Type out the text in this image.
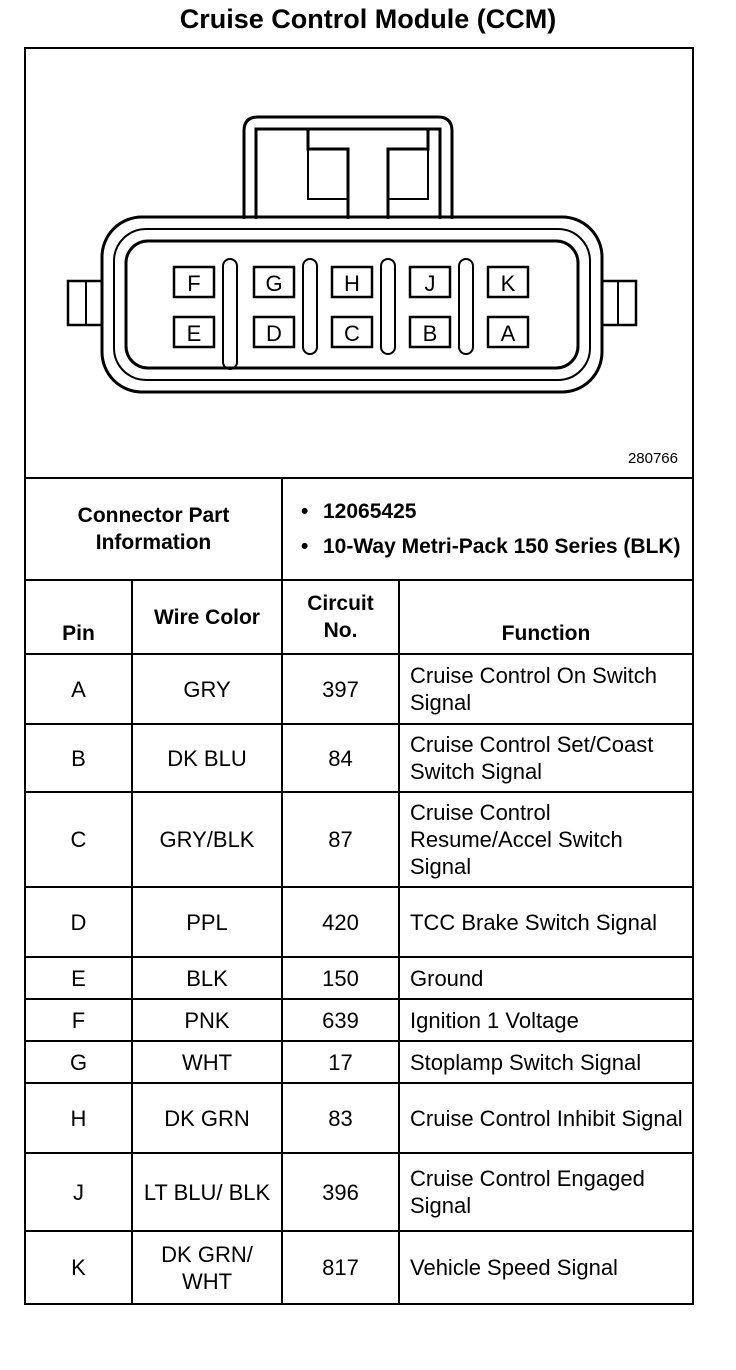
Cruise Control Module (CCM)
F	G	H	J	K
E	D	C	B	A
280766
Connector Part Information		• 12065425
• 10-Way Metri-Pack 150 Series (BLK)	

Pin	Wire Color	Circuit No.	Function
A	GRY	397	Cruise Control On Switch Signal
B	DK BLU	84	Cruise Control Set/Coast Switch Signal
C	GRY/BLK	87	Cruise Control Resume/Accel Switch Signal
D	PPL	420	TCC Brake Switch Signal
E	BLK	150	Ground
F	PNK	639	Ignition 1 Voltage
G	WHT	17	Stoplamp Switch Signal
H	DK GRN	83	Cruise Control Inhibit Signal
J	LT BLU/ BLK	396	Cruise Control Engaged Signal
K	DK GRN/ WHT	817	Vehicle Speed Signal
